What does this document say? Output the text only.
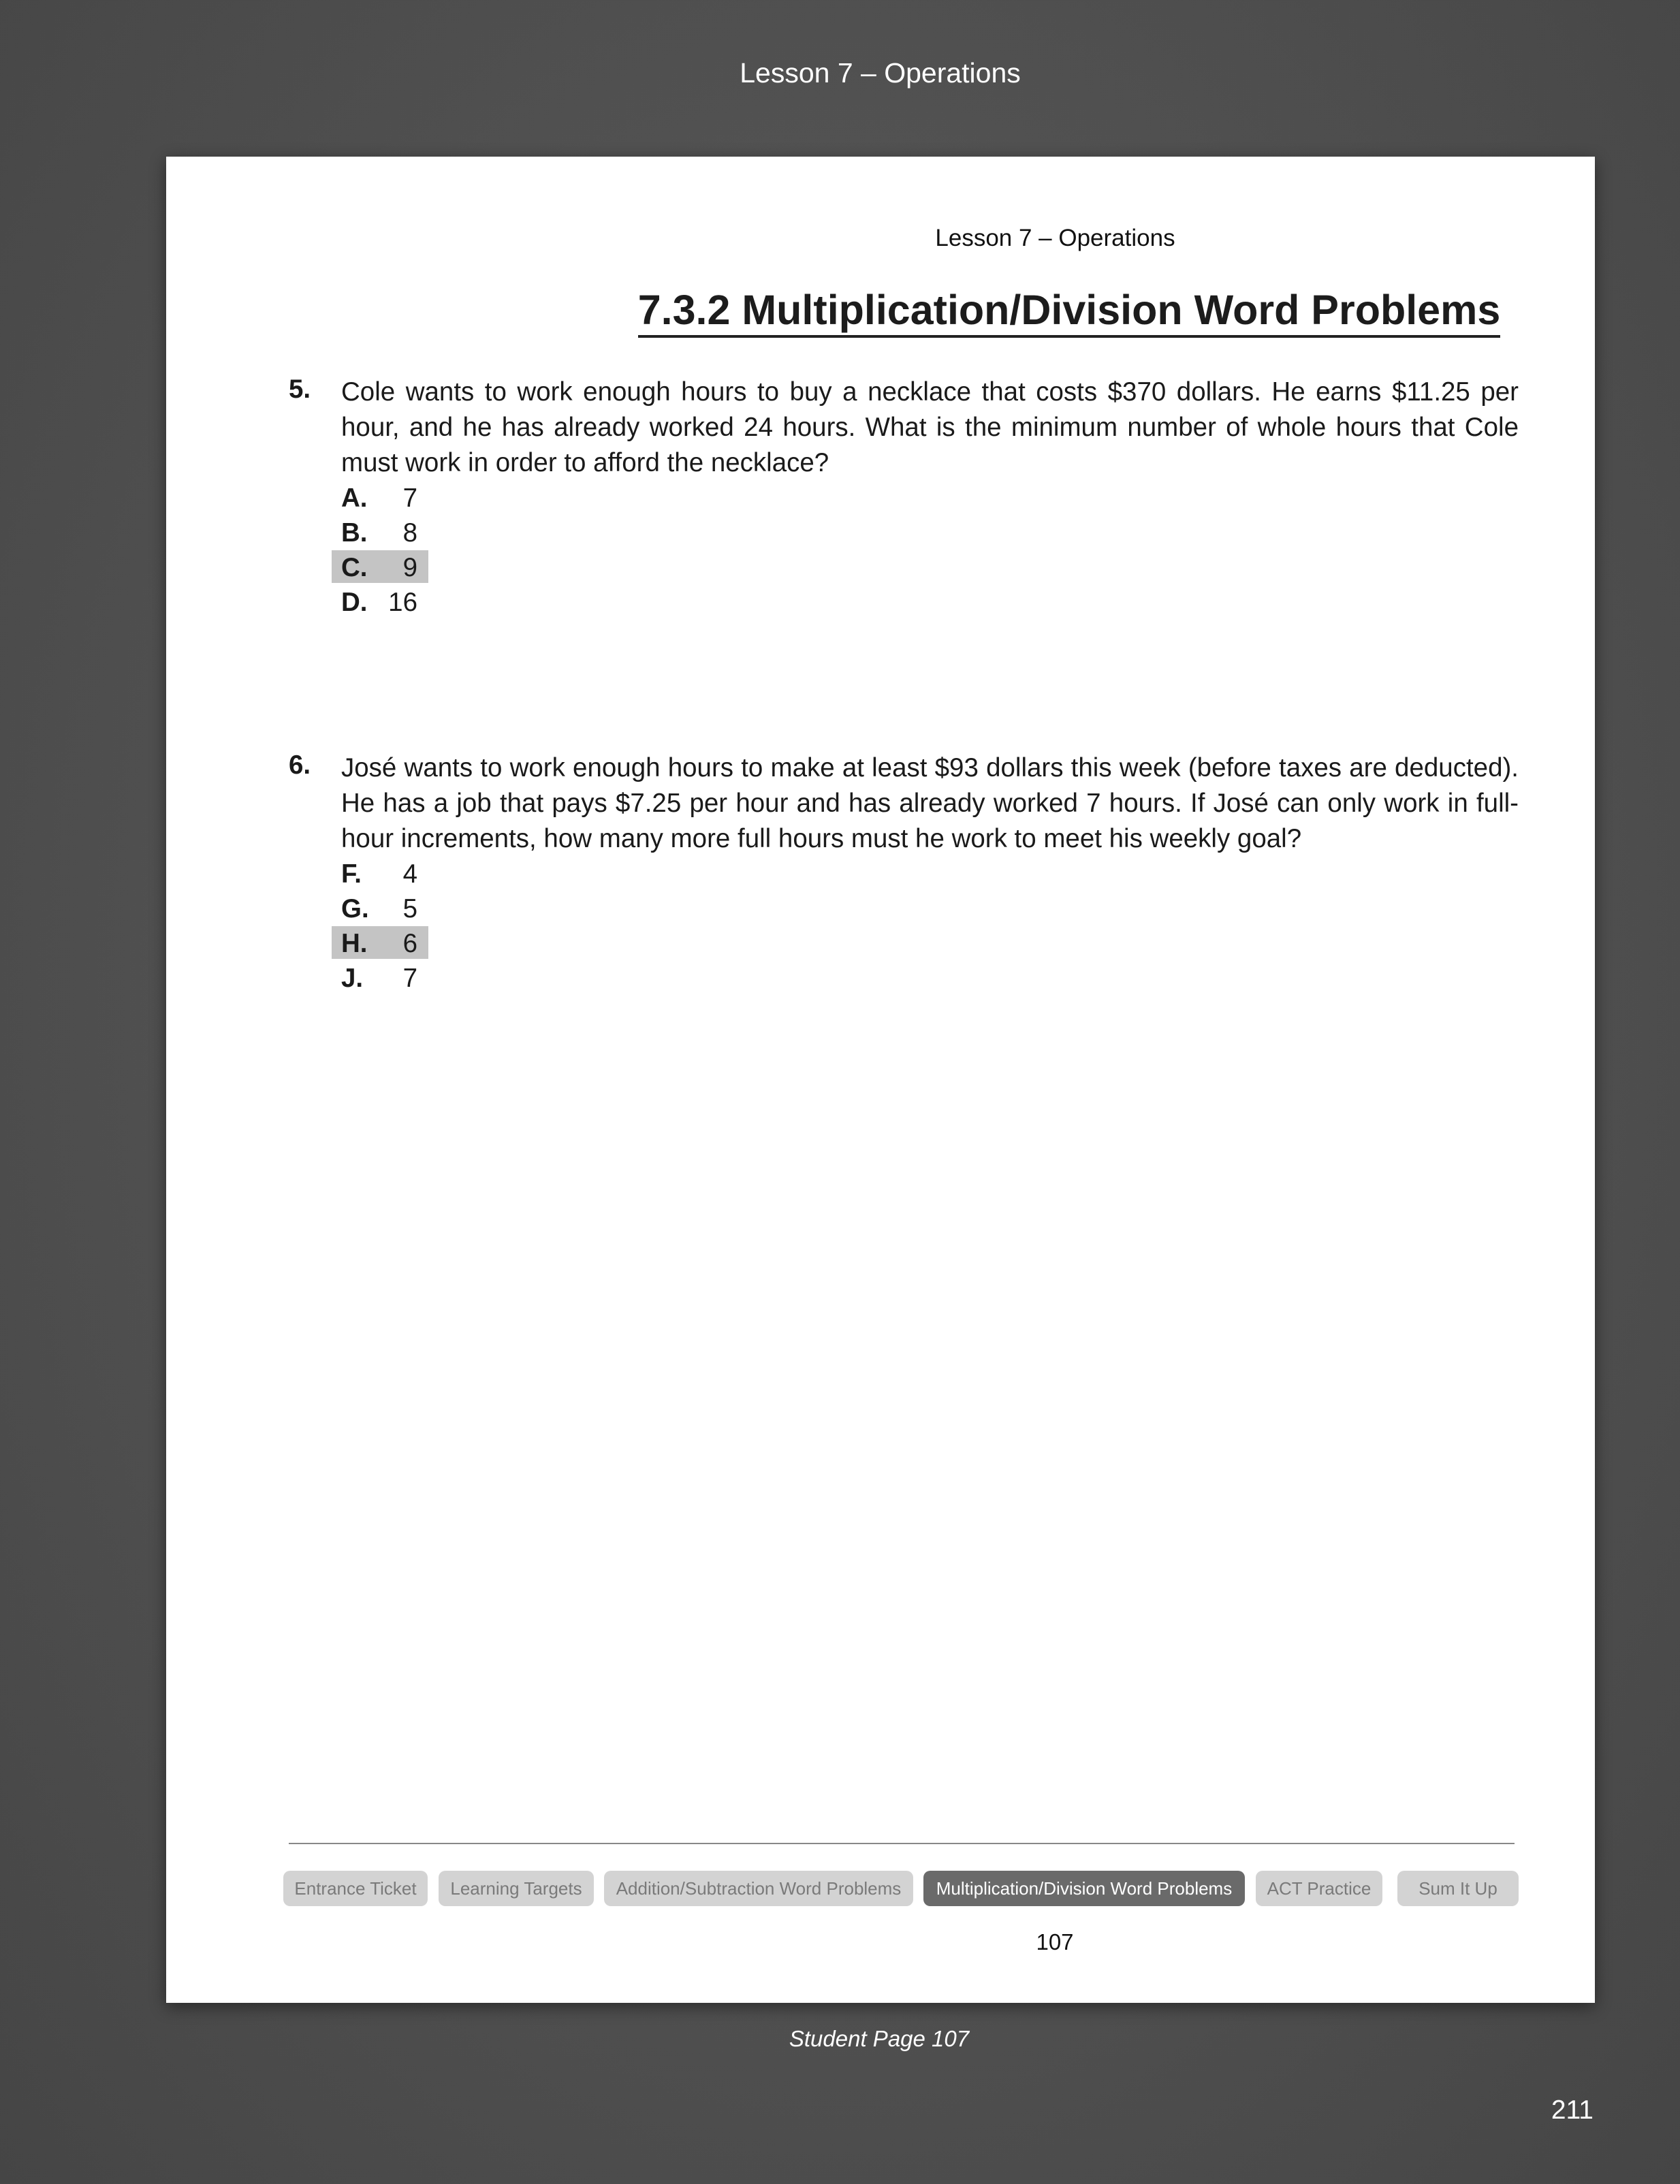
Lesson 7 – Operations
Lesson 7 – Operations
7.3.2 Multiplication/Division Word Problems
5. Cole wants to work enough hours to buy a necklace that costs $370 dollars. He earns $11.25 per hour, and he has already worked 24 hours. What is the minimum number of whole hours that Cole must work in order to afford the necklace?
A.	7
B.	8
C.	9
D. 16
6. José wants to work enough hours to make at least $93 dollars this week (before taxes are deducted). He has a job that pays $7.25 per hour and has already worked 7 hours. If José can only work in full-hour increments, how many more full hours must he work to meet his weekly goal?
F.	4
G.	5
H.	6
J.	7
Entrance Ticket	Learning Targets	Addition/Subtraction Word Problems	Multiplication/Division Word Problems	ACT Practice	Sum It Up
107
Student Page 107
211
